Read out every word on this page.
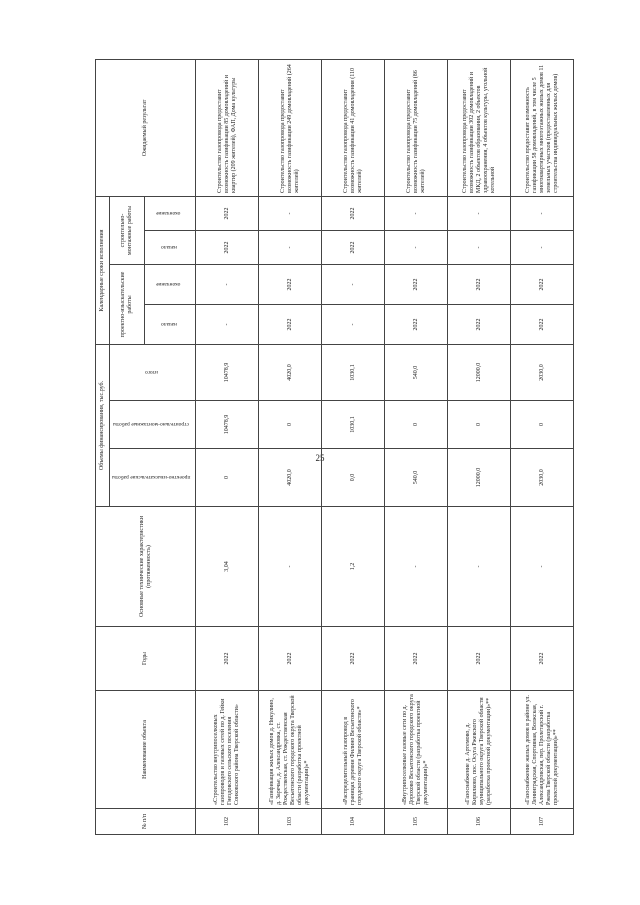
25
№ п/п	Наименование объекта	Годы	Основные технические характеристики (протяженность)	Объемы финансирования, тыс.руб.			Календарные сроки исполнения				Ожидаемый результат
				проектно-изыскательские работы	строительно-монтажные работы	итого	проектно-изыскательские работы		строительно-монтажные работы		
							начало	окончание	начало	окончание	
102	«Строительство внутрипоселковых газопроводов и газовых сетей по д. Гейки Гнездовского сельского поселения Сонковского района Тверской области»	2022	3,04	0	10478,9	10478,9	-	-	2022	2022	Строительство газопровода предоставит возможность газификации 85 домовладений и квартир (209 жителей), ФАП, Дома культуры
103	«Газификация жилых домов д. Никулино, д. Заречье, д. Александровка, ст. Рождественская, ст. Рождественская Весьегонского городского округа Тверской области (разработка проектной документации)»*	2022	-	4020,0	0	4020,0	2022	2022	-	-	Строительство газопровода предоставит возможность газификации 249 домовладений (264 жителей)
104	«Распределительный газопровод в границах деревни Филино Весьегонского городского округа Тверской области»*	2022	1,2	0,0	1030,1	1030,1	-	-	2022	2022	Строительство газопровода предоставит возможность газификации 41 домовладения (110 жителей)
105	«Внутрипоселковые газовые сети по д. Дорохово Весьегонского городского округа Тверской области (разработка проектной документации)»*	2022	-	540,0	0	540,0	2022	2022	-	-	Строительство газопровода предоставит возможность газификации 75 домовладений (86 жителей)
106	«Газоснабжение д. Артемово, д. Кирилково, пос. Осуга Ржевского муниципального округа Тверской области (разработка проектной документации)»**	2022	-	12000,0	0	12000,0	2022	2022	-	-	Строительство газопровода предоставит возможность газификации 302 домовладений и МКД, 2 объектов образования, 2 объектов здравоохранения, 4 объектов культуры, угольной котельной
107	«Газоснабжение жилых домов в районе ул. Ленинградская, Спортивная, Волжская, Александровская, пер. Пролетарский г. Ржева Тверской области (разработка проектной документации)»**	2022	-	2030,0	0	2030,0	2022	2022	-	-	Строительство предоставит возможность газификации 58 домовладений, в том числе 5 многоквартирных многоэтажных жилых домов 11 земельных участков (предоставленных для строительства индивидуальных жилых домов)
